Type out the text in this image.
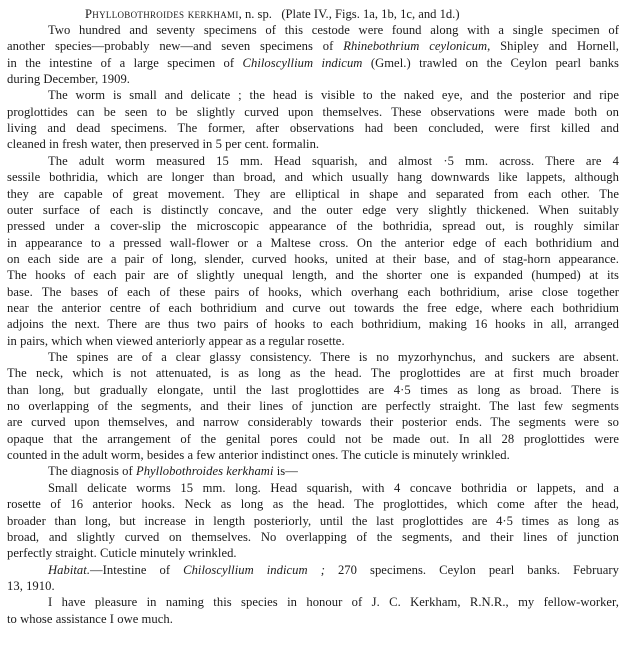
Phyllobothroides kerkhami, n. sp. (Plate IV., Figs. 1a, 1b, 1c, and 1d.)
Two hundred and seventy specimens of this cestode were found along with a single specimen of
another species—probably new—and seven specimens of Rhinebothrium ceylonicum, Shipley and Hornell,
in the intestine of a large specimen of Chiloscyllium indicum (Gmel.) trawled on the Ceylon pearl banks
during December, 1909.
The worm is small and delicate ; the head is visible to the naked eye, and the posterior and ripe
proglottides can be seen to be slightly curved upon themselves. These observations were made both on
living and dead specimens. The former, after observations had been concluded, were first killed and
cleaned in fresh water, then preserved in 5 per cent. formalin.
The adult worm measured 15 mm. Head squarish, and almost ·5 mm. across. There are 4
sessile bothridia, which are longer than broad, and which usually hang downwards like lappets, although
they are capable of great movement. They are elliptical in shape and separated from each other. The
outer surface of each is distinctly concave, and the outer edge very slightly thickened. When suitably
pressed under a cover-slip the microscopic appearance of the bothridia, spread out, is roughly similar
in appearance to a pressed wall-flower or a Maltese cross. On the anterior edge of each bothridium and
on each side are a pair of long, slender, curved hooks, united at their base, and of stag-horn appearance.
The hooks of each pair are of slightly unequal length, and the shorter one is expanded (humped) at its
base. The bases of each of these pairs of hooks, which overhang each bothridium, arise close together
near the anterior centre of each bothridium and curve out towards the free edge, where each bothridium
adjoins the next. There are thus two pairs of hooks to each bothridium, making 16 hooks in all, arranged
in pairs, which when viewed anteriorly appear as a regular rosette.
The spines are of a clear glassy consistency. There is no myzorhynchus, and suckers are absent.
The neck, which is not attenuated, is as long as the head. The proglottides are at first much broader
than long, but gradually elongate, until the last proglottides are 4·5 times as long as broad. There is
no overlapping of the segments, and their lines of junction are perfectly straight. The last few segments
are curved upon themselves, and narrow considerably towards their posterior ends. The segments were so
opaque that the arrangement of the genital pores could not be made out. In all 28 proglottides were
counted in the adult worm, besides a few anterior indistinct ones. The cuticle is minutely wrinkled.
The diagnosis of Phyllobothroides kerkhami is—
Small delicate worms 15 mm. long. Head squarish, with 4 concave bothridia or lappets, and a
rosette of 16 anterior hooks. Neck as long as the head. The proglottides, which come after the head,
broader than long, but increase in length posteriorly, until the last proglottides are 4·5 times as long as
broad, and slightly curved on themselves. No overlapping of the segments, and their lines of junction
perfectly straight. Cuticle minutely wrinkled.
Habitat.—Intestine of Chiloscyllium indicum ; 270 specimens. Ceylon pearl banks. February
13, 1910.
I have pleasure in naming this species in honour of J. C. Kerkham, R.N.R., my fellow-worker,
to whose assistance I owe much.
